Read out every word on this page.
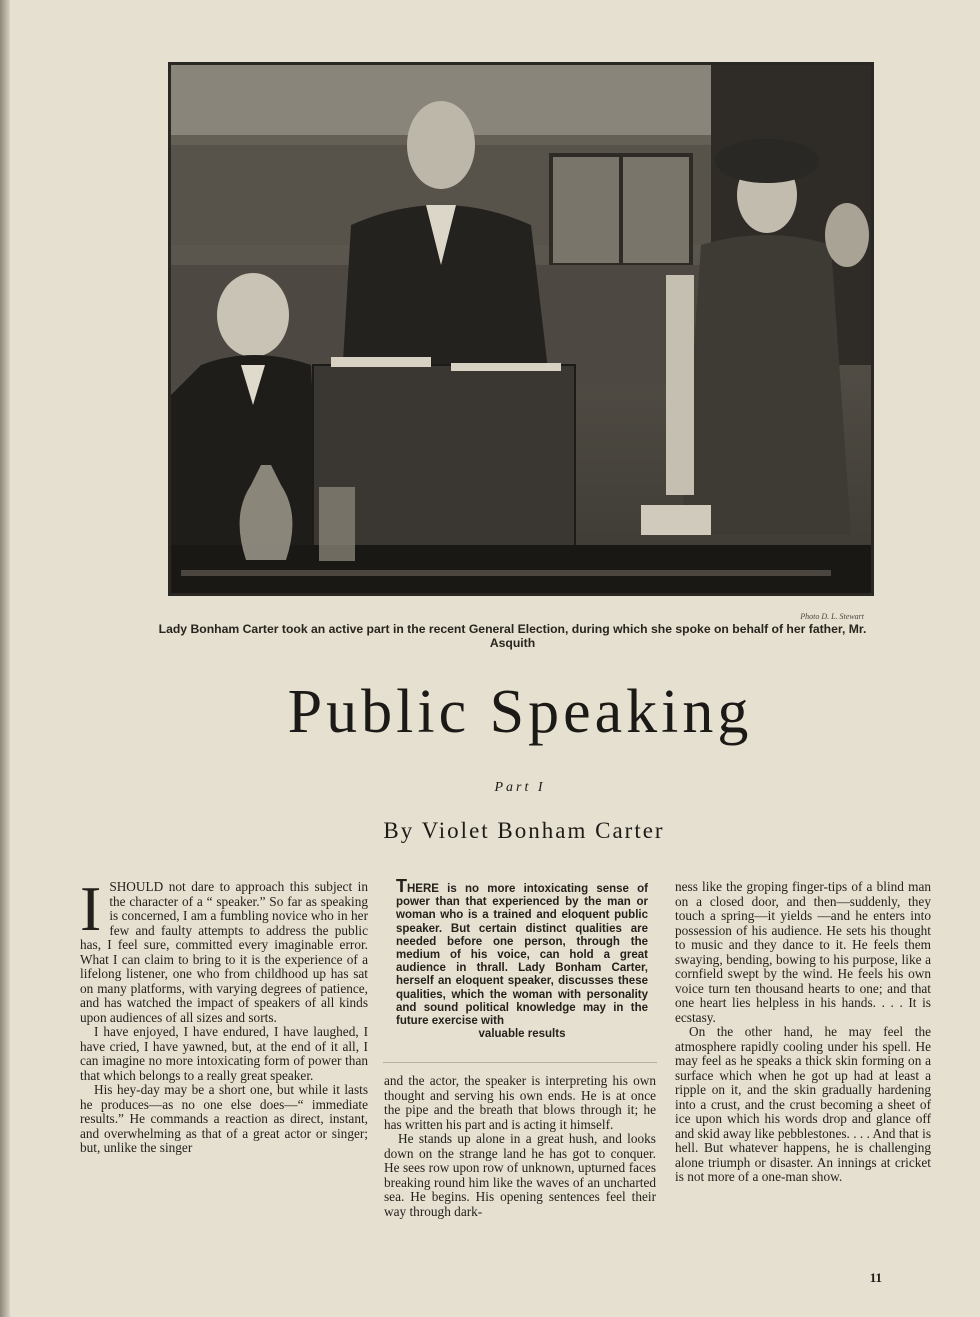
Photo D. L. Stewart
Lady Bonham Carter took an active part in the recent General Election, during which she spoke on behalf of her father, Mr. Asquith
Public Speaking
Part I
By Violet Bonham Carter
I SHOULD not dare to approach this subject in the character of a “ speaker.” So far as speaking is concerned, I am a fumbling novice who in her few and faulty attempts to address the public has, I feel sure, committed every imaginable error. What I can claim to bring to it is the experience of a lifelong listener, one who from childhood up has sat on many platforms, with varying degrees of patience, and has watched the impact of speakers of all kinds upon audiences of all sizes and sorts.

I have enjoyed, I have endured, I have laughed, I have cried, I have yawned, but, at the end of it all, I can imagine no more intoxicating form of power than that which belongs to a really great speaker.

His hey-day may be a short one, but while it lasts he produces—as no one else does—“ immediate results.” He commands a reaction as direct, instant, and overwhelming as that of a great actor or singer; but, unlike the singer

THERE is no more intoxicating sense of power than that experienced by the man or woman who is a trained and eloquent public speaker. But certain distinct qualities are needed before one person, through the medium of his voice, can hold a great audience in thrall. Lady Bonham Carter, herself an eloquent speaker, discusses these qualities, which the woman with personality and sound political knowledge may in the future exercise with
valuable results

and the actor, the speaker is interpreting his own thought and serving his own ends. He is at once the pipe and the breath that blows through it; he has written his part and is acting it himself.

He stands up alone in a great hush, and looks down on the strange land he has got to conquer. He sees row upon row of unknown, upturned faces breaking round him like the waves of an uncharted sea. He begins. His opening sentences feel their way through dark-

ness like the groping finger-tips of a blind man on a closed door, and then—suddenly, they touch a spring—it yields —and he enters into possession of his audience. He sets his thought to music and they dance to it. He feels them swaying, bending, bowing to his purpose, like a cornfield swept by the wind. He feels his own voice turn ten thousand hearts to one; and that one heart lies helpless in his hands. . . . It is ecstasy.

On the other hand, he may feel the atmosphere rapidly cooling under his spell. He may feel as he speaks a thick skin forming on a surface which when he got up had at least a ripple on it, and the skin gradually hardening into a crust, and the crust becoming a sheet of ice upon which his words drop and glance off and skid away like pebblestones. . . . And that is hell. But whatever happens, he is challenging alone triumph or disaster. An innings at cricket is not more of a one-man show.

11
